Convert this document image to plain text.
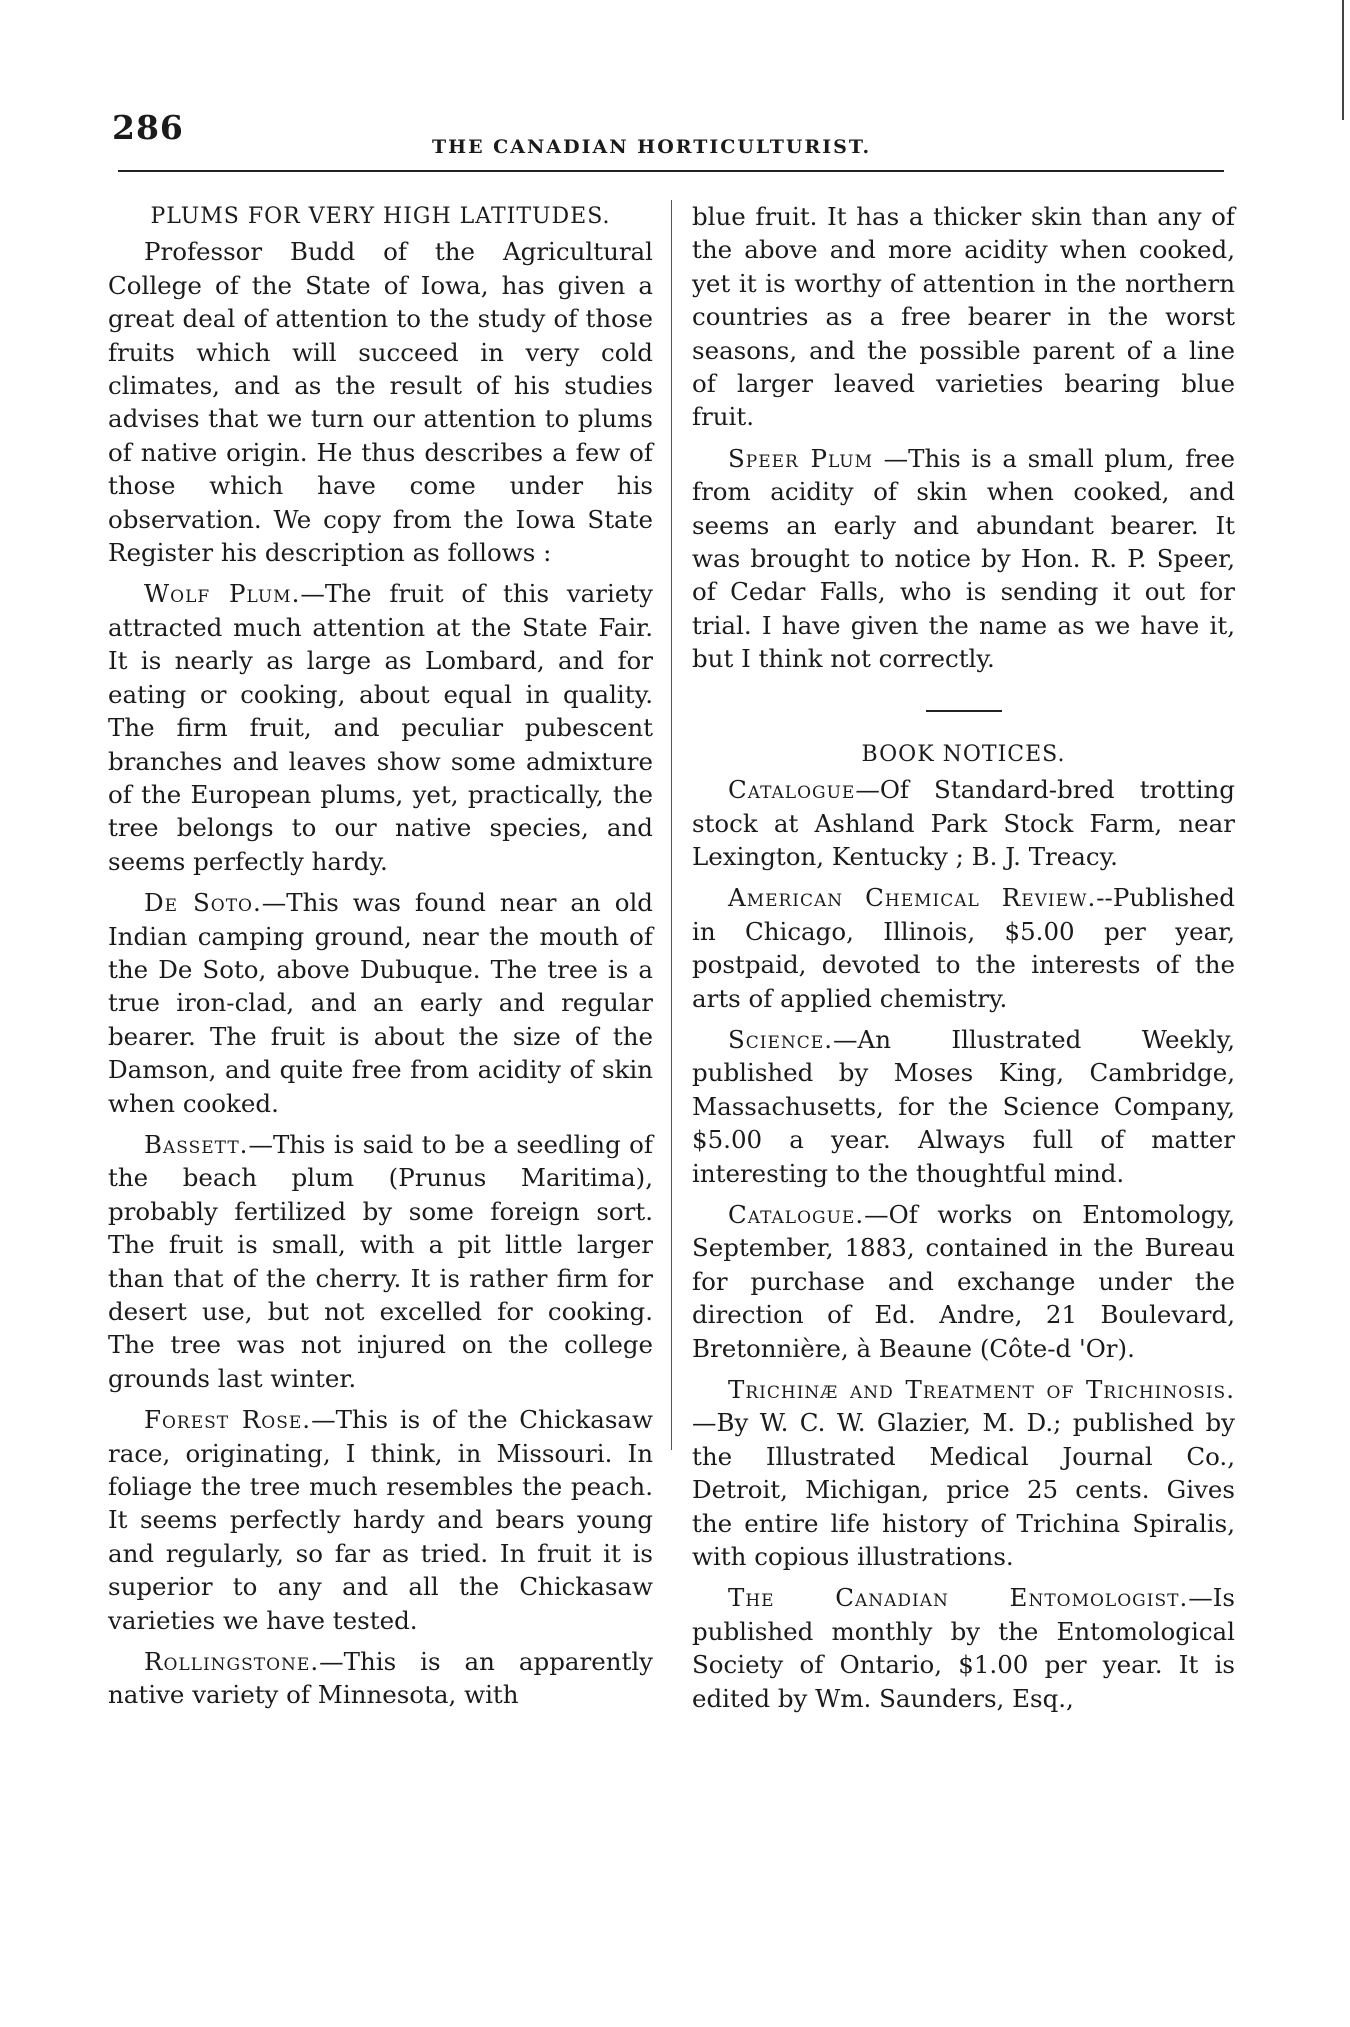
286	THE CANADIAN HORTICULTURIST.
PLUMS FOR VERY HIGH LATITUDES.

Professor Budd of the Agricultural College of the State of Iowa, has given a great deal of attention to the study of those fruits which will succeed in very cold climates, and as the result of his studies advises that we turn our attention to plums of native origin. He thus describes a few of those which have come under his observation. We copy from the Iowa State Register his description as follows :

Wolf Plum.—The fruit of this variety attracted much attention at the State Fair. It is nearly as large as Lombard, and for eating or cooking, about equal in quality. The firm fruit, and peculiar pubescent branches and leaves show some admixture of the European plums, yet, practically, the tree belongs to our native species, and seems perfectly hardy.

De Soto.—This was found near an old Indian camping ground, near the mouth of the De Soto, above Dubuque. The tree is a true iron-clad, and an early and regular bearer. The fruit is about the size of the Damson, and quite free from acidity of skin when cooked.

Bassett.—This is said to be a seedling of the beach plum (Prunus Maritima), probably fertilized by some foreign sort. The fruit is small, with a pit little larger than that of the cherry. It is rather firm for desert use, but not excelled for cooking. The tree was not injured on the college grounds last winter.

Forest Rose.—This is of the Chickasaw race, originating, I think, in Missouri. In foliage the tree much resembles the peach. It seems perfectly hardy and bears young and regularly, so far as tried. In fruit it is superior to any and all the Chickasaw varieties we have tested.

Rollingstone.—This is an apparently native variety of Minnesota, with

blue fruit. It has a thicker skin than any of the above and more acidity when cooked, yet it is worthy of attention in the northern countries as a free bearer in the worst seasons, and the possible parent of a line of larger leaved varieties bearing blue fruit.

Speer Plum —This is a small plum, free from acidity of skin when cooked, and seems an early and abundant bearer. It was brought to notice by Hon. R. P. Speer, of Cedar Falls, who is sending it out for trial. I have given the name as we have it, but I think not correctly.

BOOK NOTICES.

Catalogue—Of Standard-bred trotting stock at Ashland Park Stock Farm, near Lexington, Kentucky ; B. J. Treacy.

American Chemical Review.--Published in Chicago, Illinois, $5.00 per year, postpaid, devoted to the interests of the arts of applied chemistry.

Science.—An Illustrated Weekly, published by Moses King, Cambridge, Massachusetts, for the Science Company, $5.00 a year. Always full of matter interesting to the thoughtful mind.

Catalogue.—Of works on Entomology, September, 1883, contained in the Bureau for purchase and exchange under the direction of Ed. Andre, 21 Boulevard, Bretonnière, à Beaune (Côte-d 'Or).

Trichinæ and Treatment of Trichinosis.—By W. C. W. Glazier, M. D.; published by the Illustrated Medical Journal Co., Detroit, Michigan, price 25 cents. Gives the entire life history of Trichina Spiralis, with copious illustrations.

The Canadian Entomologist.—Is published monthly by the Entomological Society of Ontario, $1.00 per year. It is edited by Wm. Saunders, Esq.,
